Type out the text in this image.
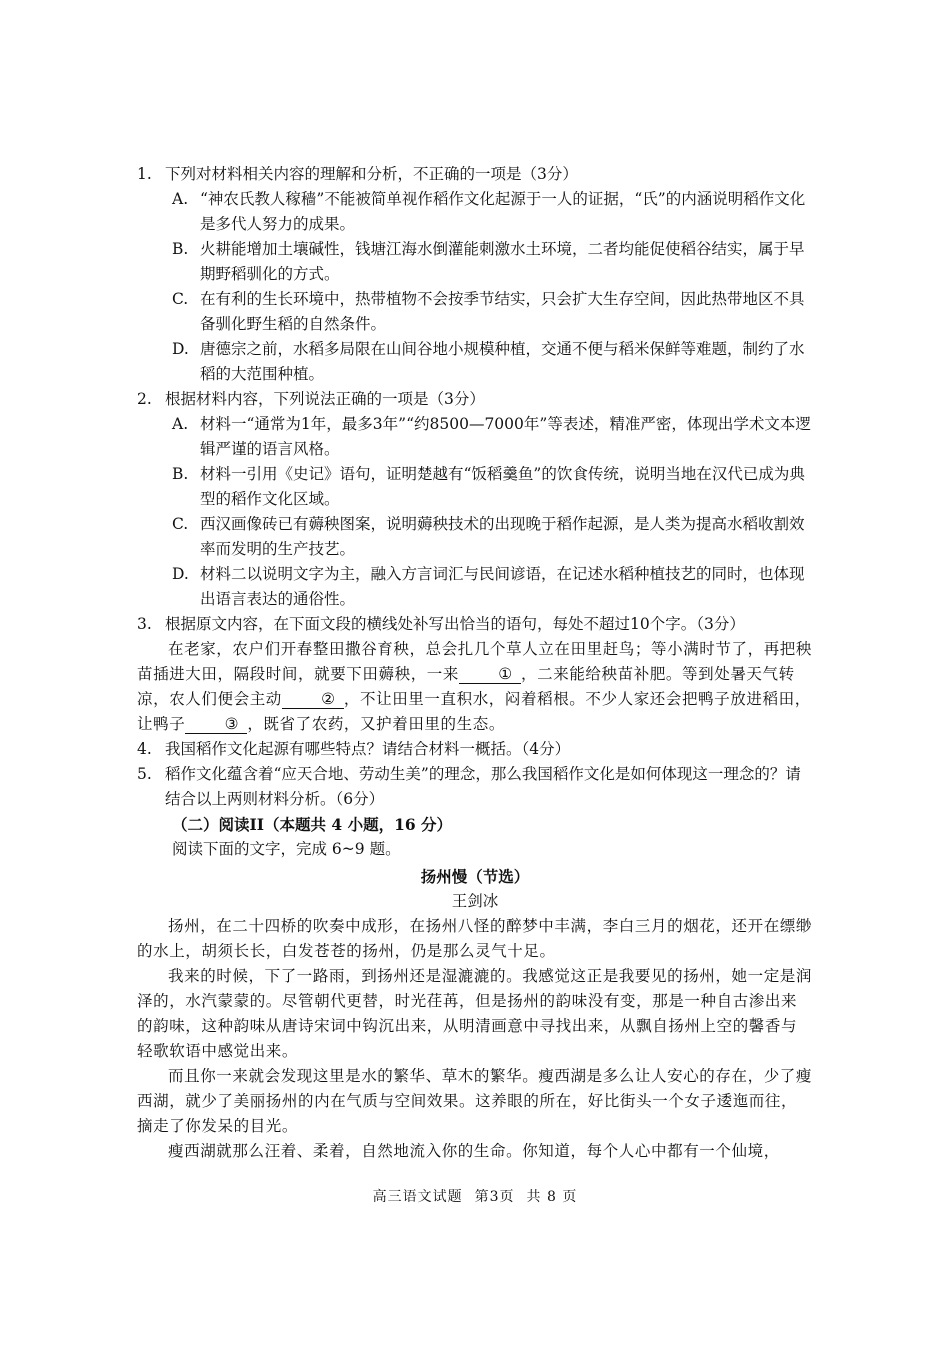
1. 下列对材料相关内容的理解和分析，不正确的一项是（3分）
A. “神农氏教人稼穑”不能被简单视作稻作文化起源于一人的证据，“氏”的内涵说明稻作文化是多代人努力的成果。
B. 火耕能增加土壤碱性，钱塘江海水倒灌能刺激水土环境，二者均能促使稻谷结实，属于早期野稻驯化的方式。
C. 在有利的生长环境中，热带植物不会按季节结实，只会扩大生存空间，因此热带地区不具备驯化野生稻的自然条件。
D. 唐德宗之前，水稻多局限在山间谷地小规模种植，交通不便与稻米保鲜等难题，制约了水稻的大范围种植。
2. 根据材料内容，下列说法正确的一项是（3分）
A. 材料一“通常为1年，最多3年”“约8500—7000年”等表述，精准严密，体现出学术文本逻辑严谨的语言风格。
B. 材料一引用《史记》语句，证明楚越有“饭稻羹鱼”的饮食传统，说明当地在汉代已成为典型的稻作文化区域。
C. 西汉画像砖已有薅秧图案，说明薅秧技术的出现晚于稻作起源，是人类为提高水稻收割效率而发明的生产技艺。
D. 材料二以说明文字为主，融入方言词汇与民间谚语，在记述水稻种植技艺的同时，也体现出语言表达的通俗性。
3. 根据原文内容，在下面文段的横线处补写出恰当的语句，每处不超过10个字。（3分）

在老家，农户们开春整田撒谷育秧，总会扎几个草人立在田里赶鸟；等小满时节了，再把秧苗插进大田，隔段时间，就要下田薅秧，一来	① ，二来能给秧苗补肥。等到处暑天气转凉，农人们便会主动	② ，不让田里一直积水，闷着稻根。不少人家还会把鸭子放进稻田，让鸭子	③ ，既省了农药，又护着田里的生态。

4. 我国稻作文化起源有哪些特点？请结合材料一概括。（4分）
5. 稻作文化蕴含着“应天合地、劳动生美”的理念，那么我国稻作文化是如何体现这一理念的？请结合以上两则材料分析。（6分）

（二）阅读II（本题共 4 小题，16 分）

阅读下面的文字，完成 6~9 题。

扬州慢（节选）

王剑冰

扬州，在二十四桥的吹奏中成形，在扬州八怪的醉梦中丰满，李白三月的烟花，还开在缥缈的水上，胡须长长，白发苍苍的扬州，仍是那么灵气十足。

我来的时候，下了一路雨，到扬州还是湿漉漉的。我感觉这正是我要见的扬州，她一定是润泽的，水汽蒙蒙的。尽管朝代更替，时光荏苒，但是扬州的韵味没有变，那是一种自古渗出来的韵味，这种韵味从唐诗宋词中钩沉出来，从明清画意中寻找出来，从飘自扬州上空的馨香与轻歌软语中感觉出来。

而且你一来就会发现这里是水的繁华、草木的繁华。瘦西湖是多么让人安心的存在，少了瘦西湖，就少了美丽扬州的内在气质与空间效果。这养眼的所在，好比街头一个女子逶迤而往，摘走了你发呆的目光。

瘦西湖就那么汪着、柔着，自然地流入你的生命。你知道，每个人心中都有一个仙境，

高三语文试题 第3页 共 8 页
